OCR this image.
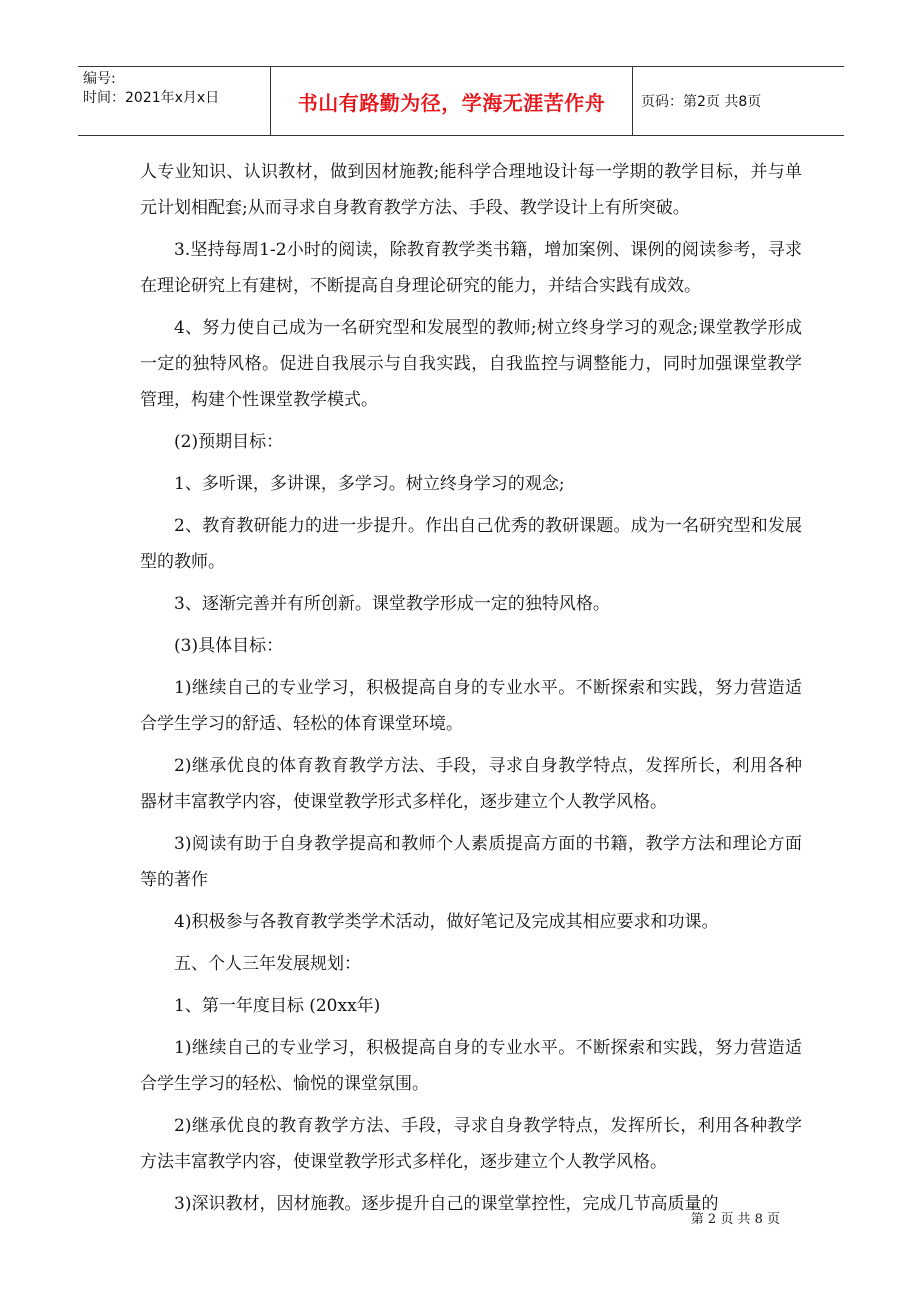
编号:
时间：2021年x月x日	书山有路勤为径，学海无涯苦作舟	页码：第2页 共8页

人专业知识、认识教材，做到因材施教;能科学合理地设计每一学期的教学目标，并与单元计划相配套;从而寻求自身教育教学方法、手段、教学设计上有所突破。

3.坚持每周1-2小时的阅读，除教育教学类书籍，增加案例、课例的阅读参考，寻求在理论研究上有建树，不断提高自身理论研究的能力，并结合实践有成效。

4、努力使自己成为一名研究型和发展型的教师;树立终身学习的观念;课堂教学形成一定的独特风格。促进自我展示与自我实践，自我监控与调整能力，同时加强课堂教学管理，构建个性课堂教学模式。

(2)预期目标：

1、多听课，多讲课，多学习。树立终身学习的观念;

2、教育教研能力的进一步提升。作出自己优秀的教研课题。成为一名研究型和发展型的教师。

3、逐渐完善并有所创新。课堂教学形成一定的独特风格。

(3)具体目标：

1)继续自己的专业学习，积极提高自身的专业水平。不断探索和实践，努力营造适合学生学习的舒适、轻松的体育课堂环境。

2)继承优良的体育教育教学方法、手段，寻求自身教学特点，发挥所长，利用各种器材丰富教学内容，使课堂教学形式多样化，逐步建立个人教学风格。

3)阅读有助于自身教学提高和教师个人素质提高方面的书籍，教学方法和理论方面等的著作

4)积极参与各教育教学类学术活动，做好笔记及完成其相应要求和功课。

五、个人三年发展规划：

1、第一年度目标 (20xx年)

1)继续自己的专业学习，积极提高自身的专业水平。不断探索和实践，努力营造适合学生学习的轻松、愉悦的课堂氛围。

2)继承优良的教育教学方法、手段，寻求自身教学特点，发挥所长，利用各种教学方法丰富教学内容，使课堂教学形式多样化，逐步建立个人教学风格。

3)深识教材，因材施教。逐步提升自己的课堂掌控性，完成几节高质量的

第 2 页 共 8 页
